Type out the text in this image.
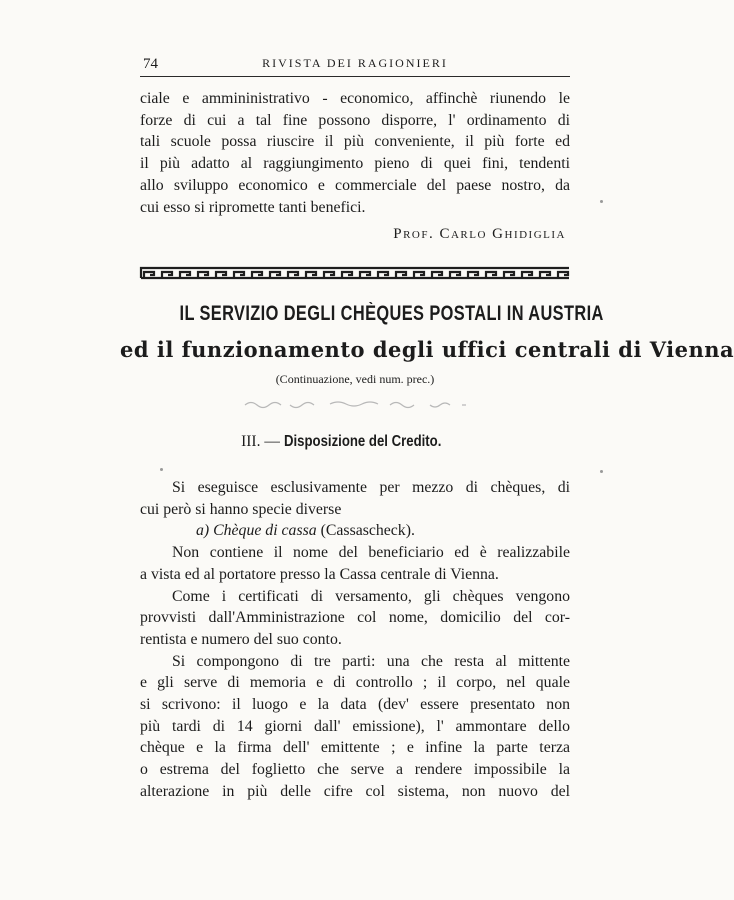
74	RIVISTA DEI RAGIONIERI
ciale e ammininistrativo - economico, affinchè riunendo le
forze di cui a tal fine possono disporre, l' ordinamento di
tali scuole possa riuscire il più conveniente, il più forte ed
il più adatto al raggiungimento pieno di quei fini, tendenti
allo sviluppo economico e commerciale del paese nostro, da
cui esso si ripromette tanti benefici.
Prof. Carlo Ghidiglia
IL SERVIZIO DEGLI CHÈQUES POSTALI IN AUSTRIA
ed il funzionamento degli uffici centrali di Vienna
(Continuazione, vedi num. prec.)
III. — Disposizione del Credito.
Si eseguisce esclusivamente per mezzo di chèques, di
cui però si hanno specie diverse
a) Chèque di cassa (Cassascheck).
Non contiene il nome del beneficiario ed è realizzabile
a vista ed al portatore presso la Cassa centrale di Vienna.
Come i certificati di versamento, gli chèques vengono
provvisti dall'Amministrazione col nome, domicilio del cor-
rentista e numero del suo conto.
Si compongono di tre parti: una che resta al mittente
e gli serve di memoria e di controllo ; il corpo, nel quale
si scrivono: il luogo e la data (dev' essere presentato non
più tardi di 14 giorni dall' emissione), l' ammontare dello
chèque e la firma dell' emittente ; e infine la parte terza
o estrema del foglietto che serve a rendere impossibile la
alterazione in più delle cifre col sistema, non nuovo del
